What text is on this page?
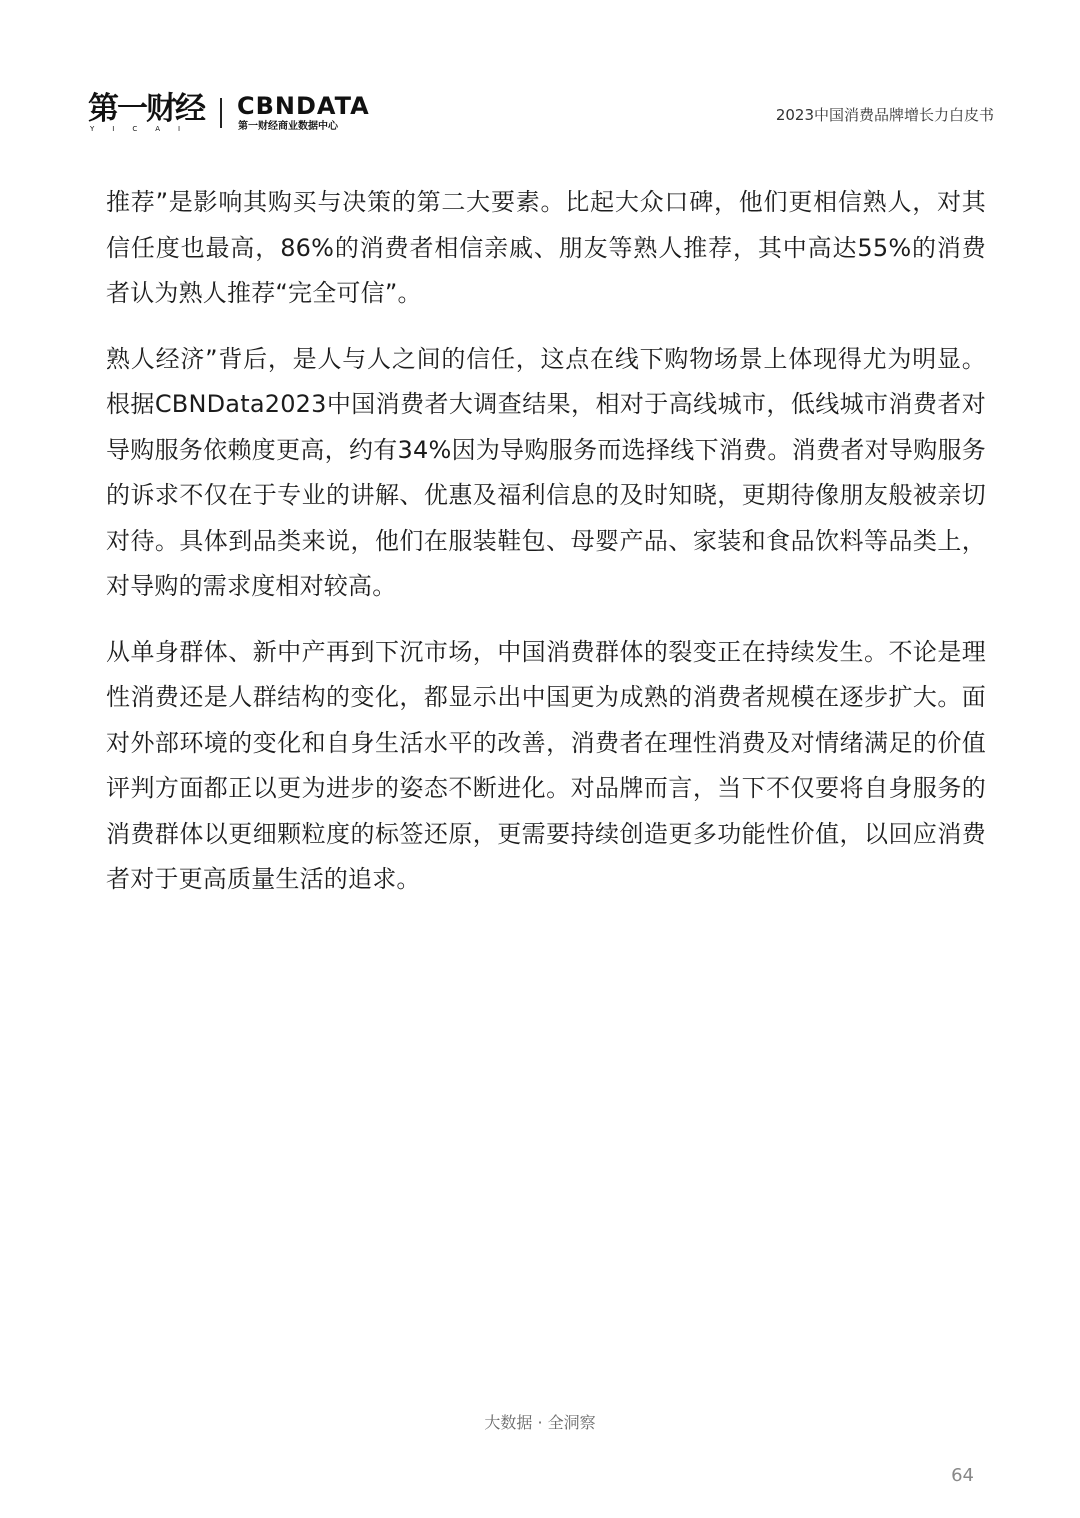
第一财经
YICAI
CBNDATA
第一财经商业数据中心
2023中国消费品牌增长力白皮书

推荐”是影响其购买与决策的第二大要素。比起大众口碑，他们更相信熟人，对其信任度也最高，86%的消费者相信亲戚、朋友等熟人推荐，其中高达55%的消费者认为熟人推荐“完全可信”。

熟人经济”背后，是人与人之间的信任，这点在线下购物场景上体现得尤为明显。根据CBNData2023中国消费者大调查结果，相对于高线城市，低线城市消费者对导购服务依赖度更高，约有34%因为导购服务而选择线下消费。消费者对导购服务的诉求不仅在于专业的讲解、优惠及福利信息的及时知晓，更期待像朋友般被亲切对待。具体到品类来说，他们在服装鞋包、母婴产品、家装和食品饮料等品类上，对导购的需求度相对较高。

从单身群体、新中产再到下沉市场，中国消费群体的裂变正在持续发生。不论是理性消费还是人群结构的变化，都显示出中国更为成熟的消费者规模在逐步扩大。面对外部环境的变化和自身生活水平的改善，消费者在理性消费及对情绪满足的价值评判方面都正以更为进步的姿态不断进化。对品牌而言，当下不仅要将自身服务的消费群体以更细颗粒度的标签还原，更需要持续创造更多功能性价值，以回应消费者对于更高质量生活的追求。

大数据 · 全洞察
64
